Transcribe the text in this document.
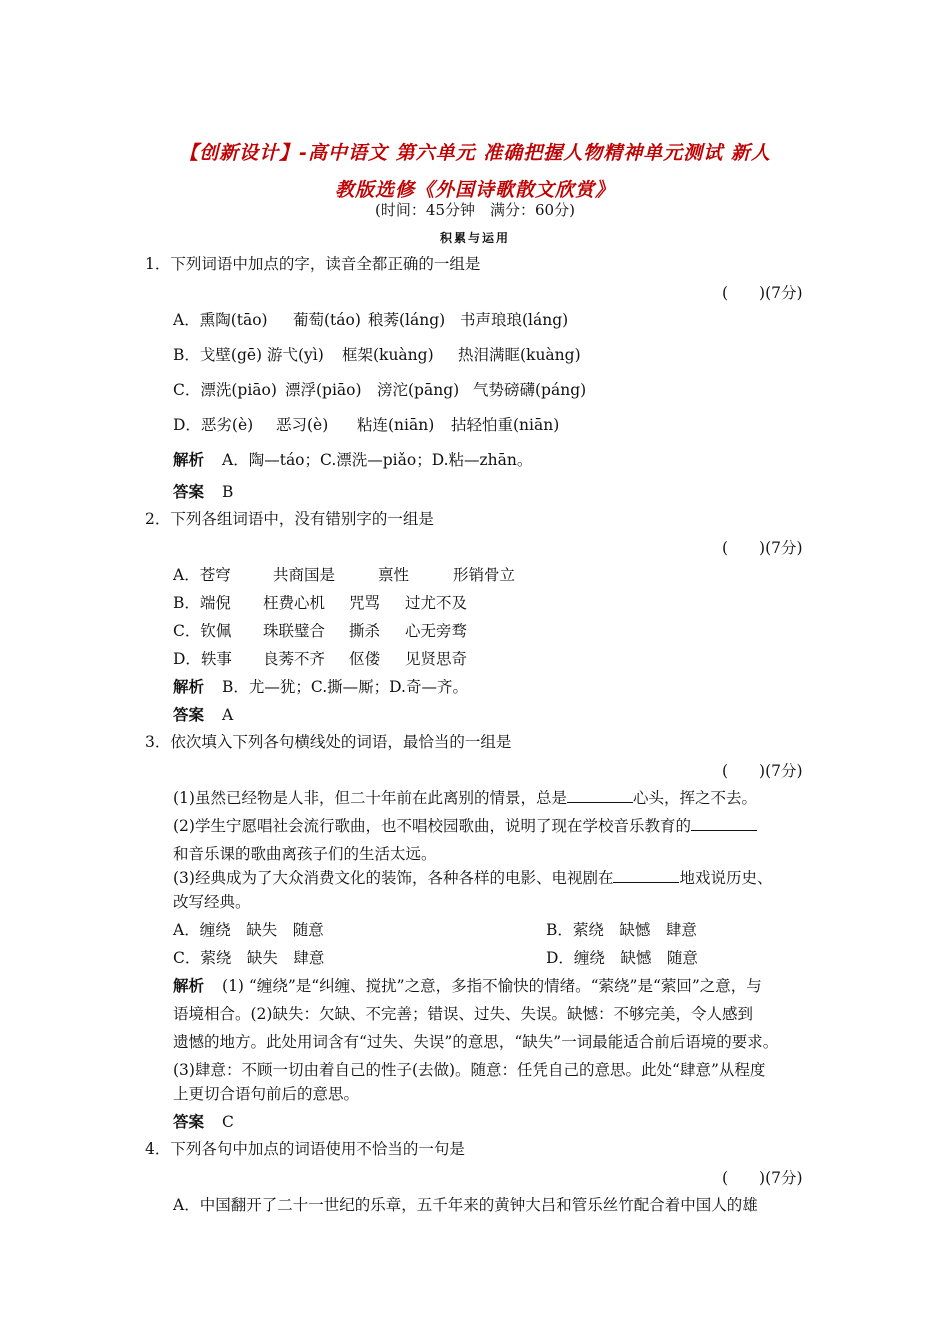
【创新设计】-高中语文 第六单元 准确把握人物精神单元测试 新人
教版选修《外国诗歌散文欣赏》
(时间：45分钟　满分：60分)
积累与运用
1．下列词语中加点的字，读音全都正确的一组是
(　　)(7分)
A．熏陶(tāo) 葡萄(táo) 稂莠(láng) 书声琅琅(láng)
B．戈壁(gē) 游弋(yì) 框架(kuàng) 热泪满眶(kuàng)
C．漂洗(piāo) 漂浮(piāo) 滂沱(pāng) 气势磅礴(páng)
D．恶劣(è) 恶习(è) 粘连(niān) 拈轻怕重(niān)
解析 A．陶—táo；C.漂洗—piǎo；D.粘—zhān。
答案 B
2．下列各组词语中，没有错别字的一组是
(　　)(7分)
A．苍穹	共商国是	禀性	形销骨立
B．端倪 枉费心机 咒骂 过尤不及
C．钦佩 珠联璧合 撕杀 心无旁骛
D．轶事 良莠不齐 伛偻 见贤思奇
解析 B．尤—犹；C.撕—厮；D.奇—齐。
答案 A
3．依次填入下列各句横线处的词语，最恰当的一组是
(　　)(7分)
(1)虽然已经物是人非，但二十年前在此离别的情景，总是	心头，挥之不去。
(2)学生宁愿唱社会流行歌曲，也不唱校园歌曲，说明了现在学校音乐教育的
和音乐课的歌曲离孩子们的生活太远。
(3)经典成为了大众消费文化的装饰，各种各样的电影、电视剧在	地戏说历史、
改写经典。
A．缠绕　缺失　随意	B．萦绕　缺憾　肆意
C．萦绕　缺失　肆意	D．缠绕　缺憾　随意
解析 (1) “缠绕”是“纠缠、搅扰”之意，多指不愉快的情绪。“萦绕”是“萦回”之意，与
语境相合。(2)缺失：欠缺、不完善；错误、过失、失误。缺憾：不够完美，令人感到
遗憾的地方。此处用词含有“过失、失误”的意思，“缺失”一词最能适合前后语境的要求。
(3)肆意：不顾一切由着自己的性子(去做)。随意：任凭自己的意思。此处“肆意”从程度
上更切合语句前后的意思。
答案 C
4．下列各句中加点的词语使用不恰当的一句是
(　　)(7分)
A．中国翻开了二十一世纪的乐章，五千年来的黄钟大吕和管乐丝竹配合着中国人的雄
